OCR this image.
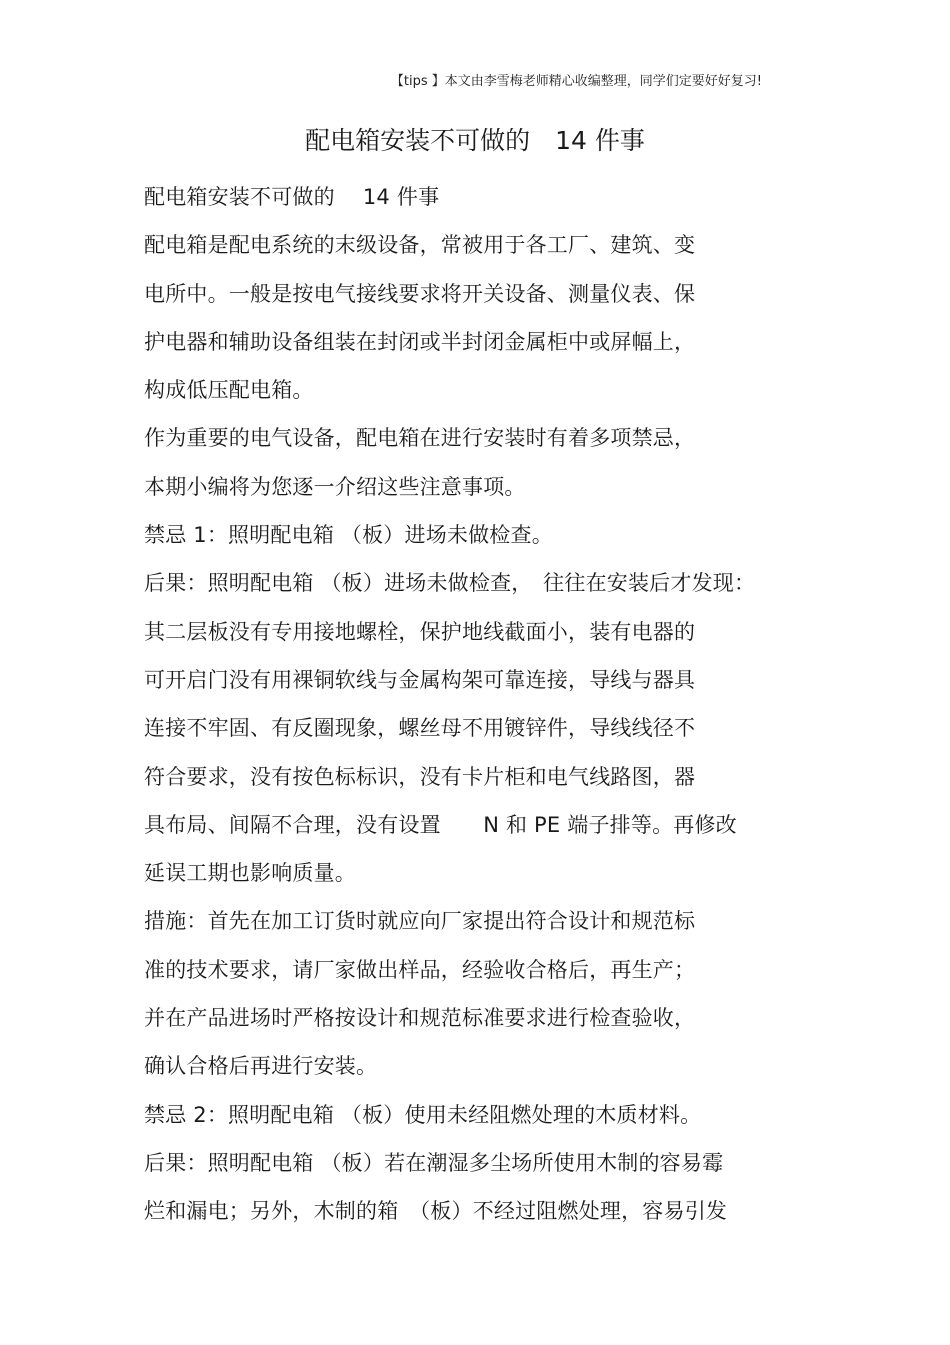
【tips 】本文由李雪梅老师精心收编整理，同学们定要好好复习!
配电箱安装不可做的　14 件事
配电箱安装不可做的　 14 件事
配电箱是配电系统的末级设备，常被用于各工厂、建筑、变
电所中。一般是按电气接线要求将开关设备、测量仪表、保
护电器和辅助设备组装在封闭或半封闭金属柜中或屏幅上，
构成低压配电箱。
作为重要的电气设备，配电箱在进行安装时有着多项禁忌，
本期小编将为您逐一介绍这些注意事项。
禁忌 1：照明配电箱 （板）进场未做检查。
后果：照明配电箱 （板）进场未做检查，　往往在安装后才发现：
其二层板没有专用接地螺栓，保护地线截面小，装有电器的
可开启门没有用裸铜软线与金属构架可靠连接，导线与器具
连接不牢固、有反圈现象，螺丝母不用镀锌件，导线线径不
符合要求，没有按色标标识，没有卡片柜和电气线路图，器
具布局、间隔不合理，没有设置　　N 和 PE 端子排等。再修改
延误工期也影响质量。
措施：首先在加工订货时就应向厂家提出符合设计和规范标
准的技术要求，请厂家做出样品，经验收合格后，再生产；
并在产品进场时严格按设计和规范标准要求进行检查验收，
确认合格后再进行安装。
禁忌 2：照明配电箱 （板）使用未经阻燃处理的木质材料。
后果：照明配电箱 （板）若在潮湿多尘场所使用木制的容易霉
烂和漏电；另外，木制的箱　（板）不经过阻燃处理，容易引发
